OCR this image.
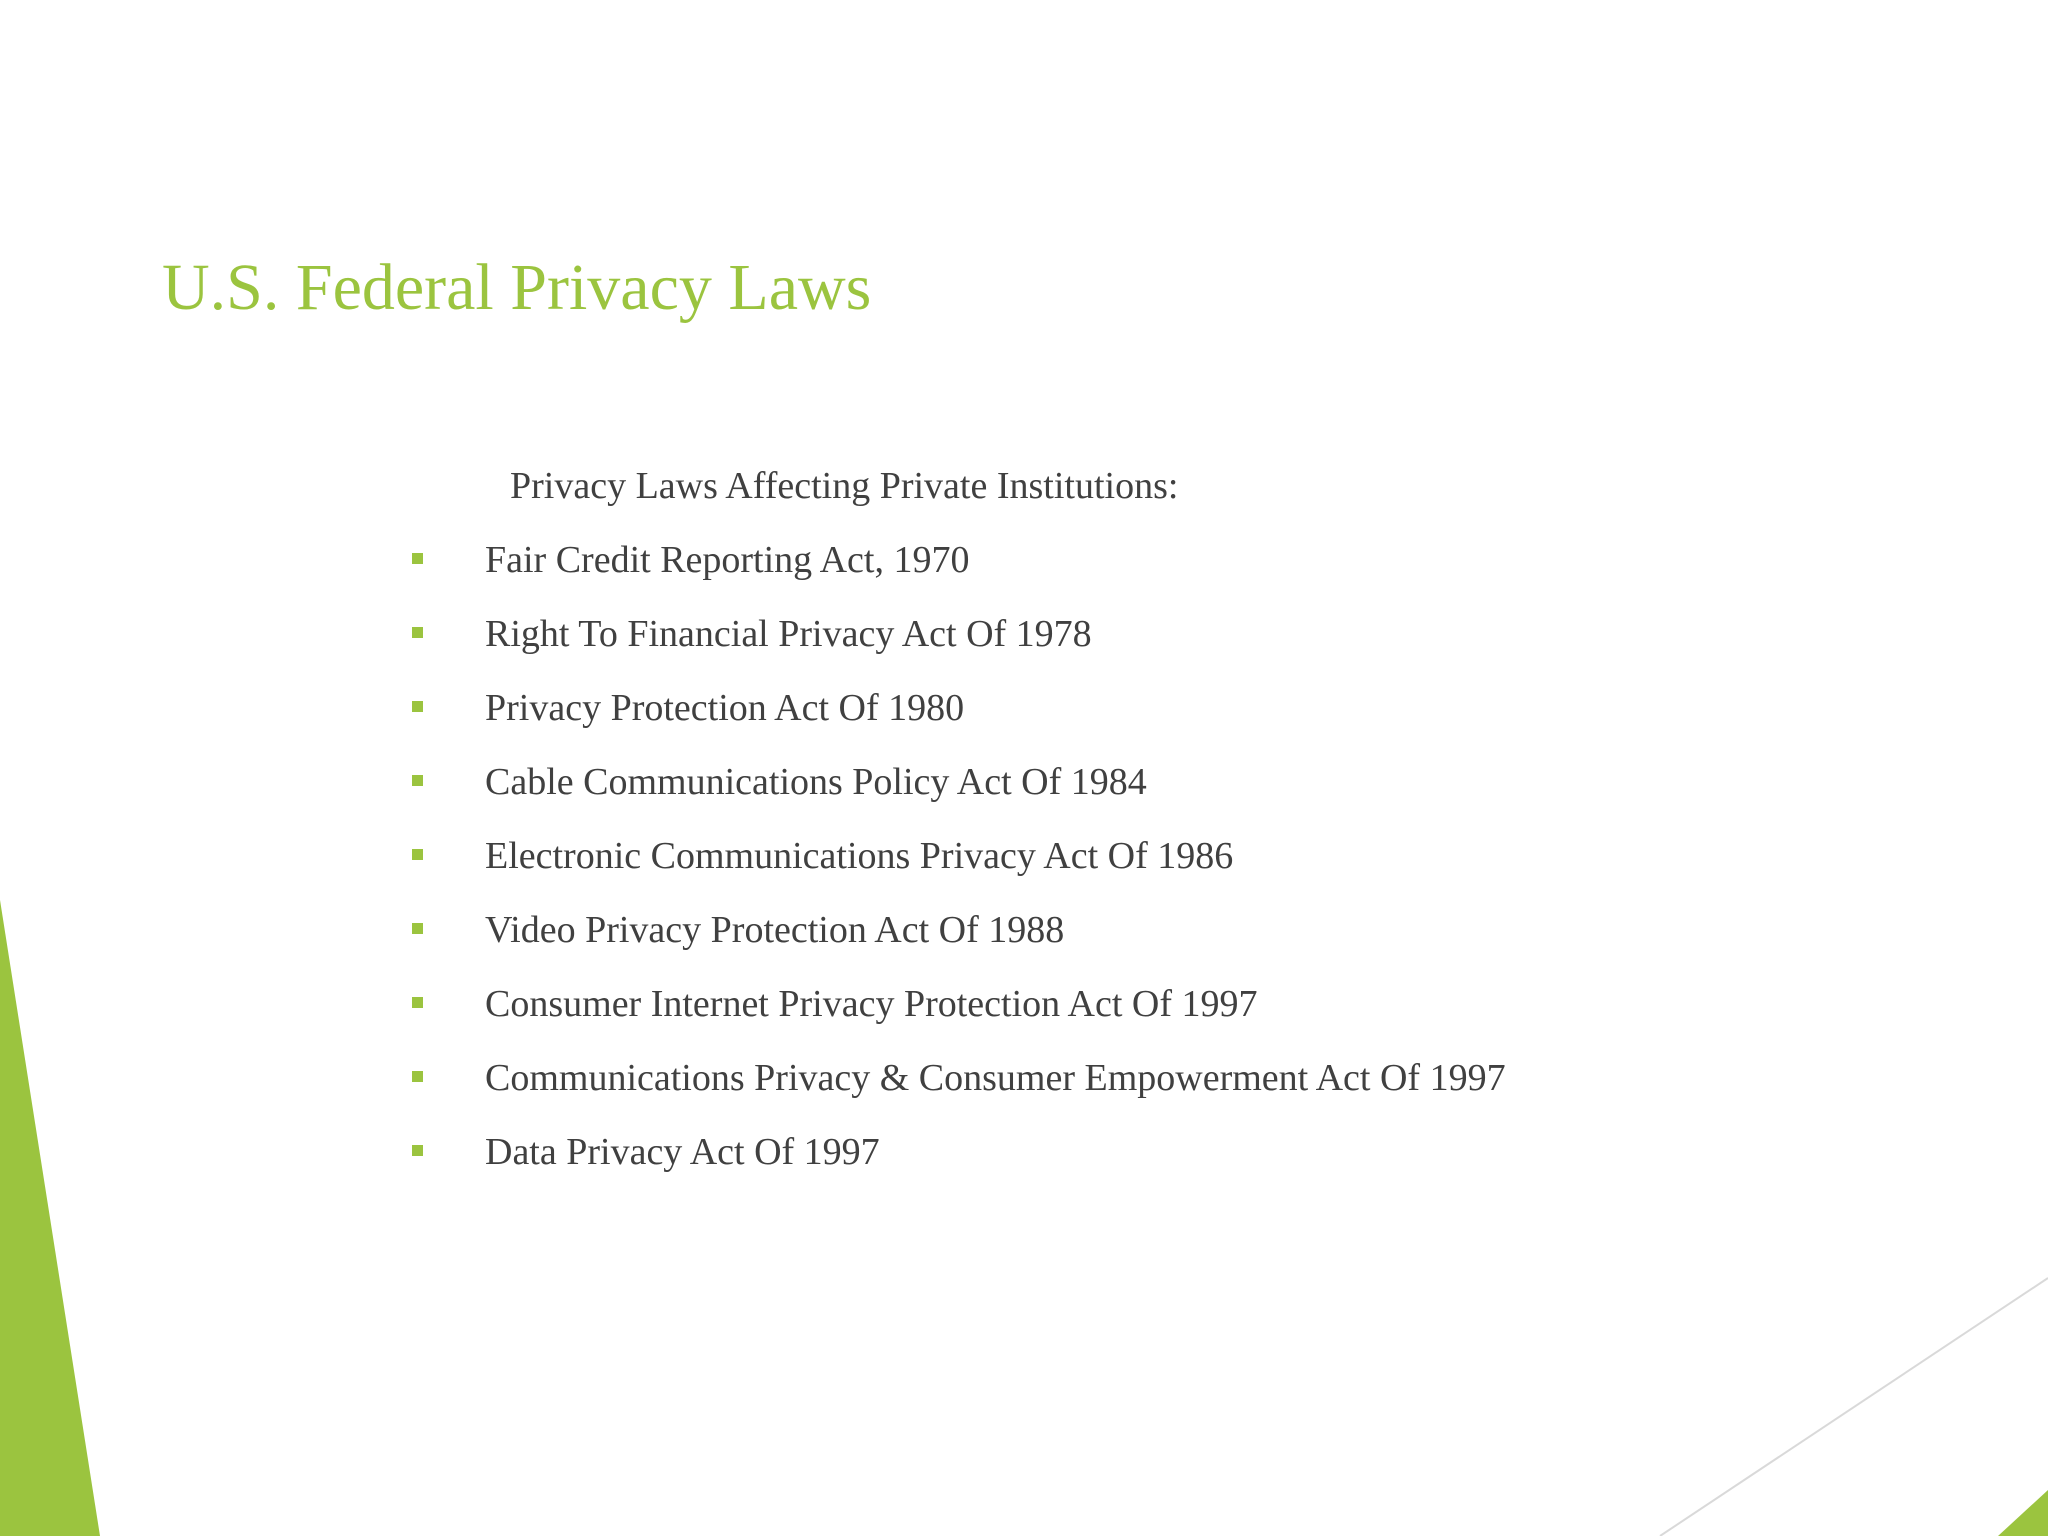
U.S. Federal Privacy Laws

Privacy Laws Affecting Private Institutions:

Fair Credit Reporting Act, 1970
Right To Financial Privacy Act Of 1978
Privacy Protection Act Of 1980
Cable Communications Policy Act Of 1984
Electronic Communications Privacy Act Of 1986
Video Privacy Protection Act Of 1988
Consumer Internet Privacy Protection Act Of 1997
Communications Privacy & Consumer Empowerment Act Of 1997
Data Privacy Act Of 1997
